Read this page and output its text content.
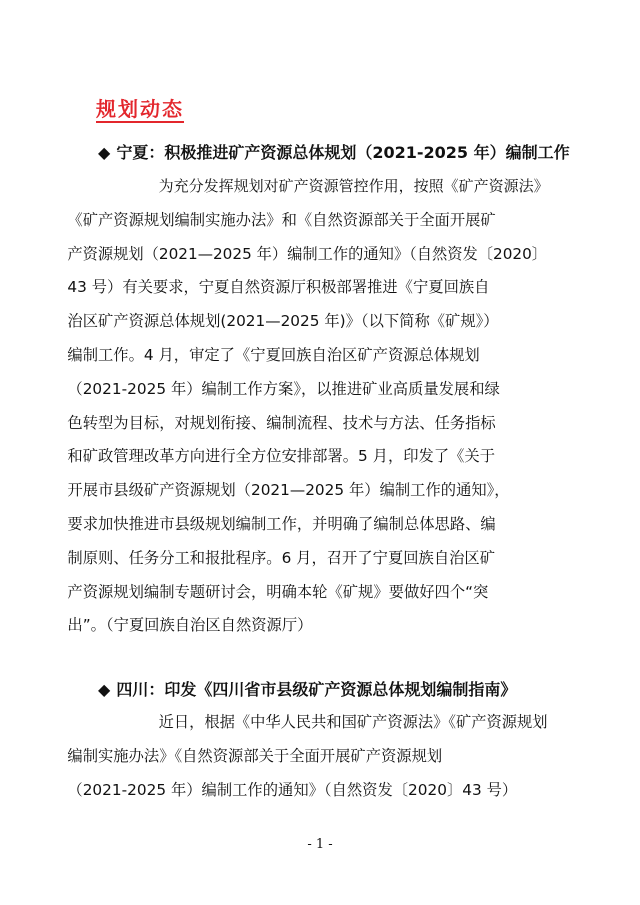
规划动态
◆ 宁夏：积极推进矿产资源总体规划（2021-2025 年）编制工作
为充分发挥规划对矿产资源管控作用，按照《矿产资源法》
《矿产资源规划编制实施办法》和《自然资源部关于全面开展矿
产资源规划（2021—2025 年）编制工作的通知》（自然资发〔2020〕
43 号）有关要求，宁夏自然资源厅积极部署推进《宁夏回族自
治区矿产资源总体规划(2021—2025 年)》（以下简称《矿规》）
编制工作。4 月，审定了《宁夏回族自治区矿产资源总体规划
（2021-2025 年）编制工作方案》，以推进矿业高质量发展和绿
色转型为目标，对规划衔接、编制流程、技术与方法、任务指标
和矿政管理改革方向进行全方位安排部署。5 月，印发了《关于
开展市县级矿产资源规划（2021—2025 年）编制工作的通知》，
要求加快推进市县级规划编制工作，并明确了编制总体思路、编
制原则、任务分工和报批程序。6 月，召开了宁夏回族自治区矿
产资源规划编制专题研讨会，明确本轮《矿规》要做好四个“突
出”。（宁夏回族自治区自然资源厅）
◆ 四川：印发《四川省市县级矿产资源总体规划编制指南》
近日，根据《中华人民共和国矿产资源法》《矿产资源规划
编制实施办法》《自然资源部关于全面开展矿产资源规划
（2021-2025 年）编制工作的通知》（自然资发〔2020〕43 号）
- 1 -
